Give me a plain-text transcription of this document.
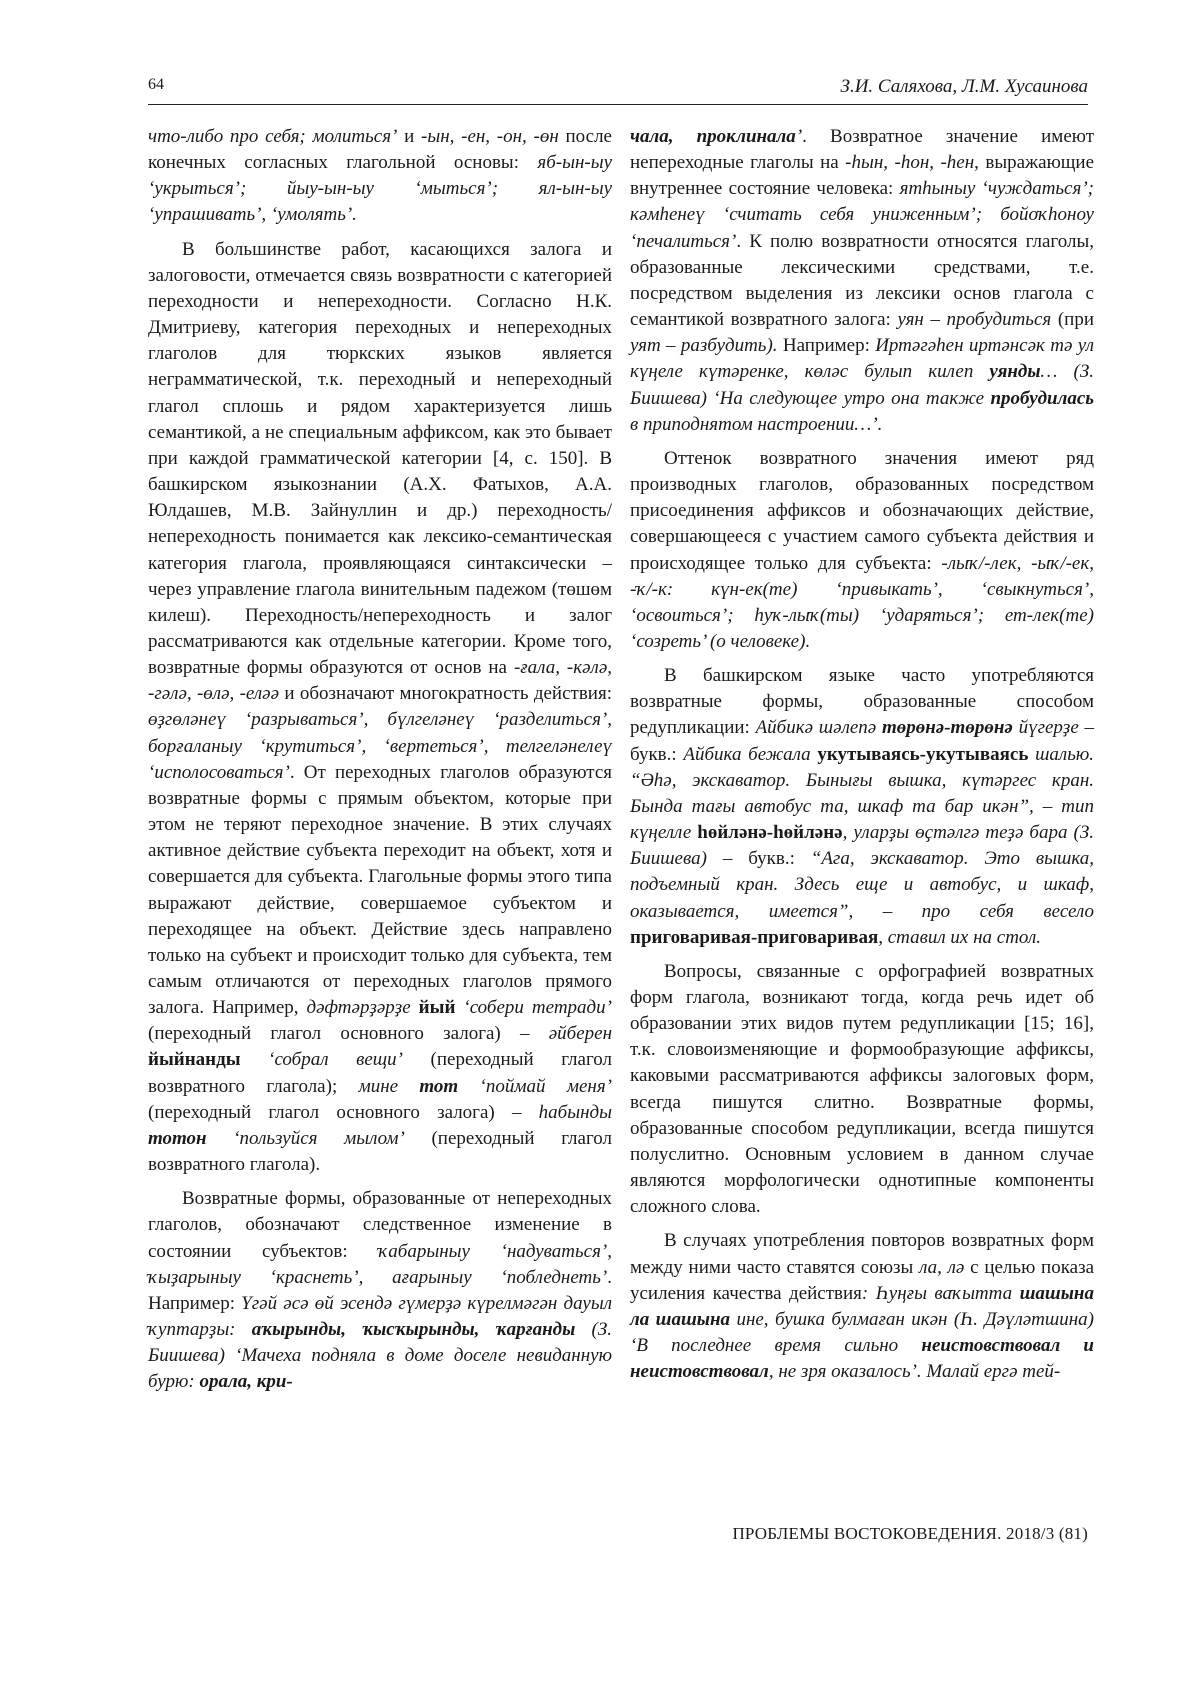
64	З.И. Саляхова, Л.М. Хусаинова

что-либо про себя; молиться’ и -ын, -ен, -он, -өн после конечных согласных глагольной основы: яб-ын-ыу ‘укрыться’; йыу-ын-ыу ‘мыться’; ял-ын-ыу ‘упрашивать’, ‘умолять’.

В большинстве работ, касающихся залога и залоговости, отмечается связь возвратности с категорией переходности и непереходности. Согласно Н.К. Дмитриеву, категория переходных и непереходных глаголов для тюркских языков является неграмматической, т.к. переходный и непереходный глагол сплошь и рядом характеризуется лишь семантикой, а не специальным аффиксом, как это бывает при каждой грамматической категории [4, с. 150]. В башкирском языкознании (А.Х. Фатыхов, А.А. Юлдашев, М.В. Зайнуллин и др.) переходность/непереходность понимается как лексико-семантическая категория глагола, проявляющаяся синтаксически – через управление глагола винительным падежом (төшөм килеш). Переходность/непереходность и залог рассматриваются как отдельные категории. Кроме того, возвратные формы образуются от основ на -ғала, -кәлә, -гәлә, -өлә, -еләә и обозначают многократность действия: өҙгөләнеү ‘разрываться’, бүлгеләнеү ‘разделиться’, борғаланыу ‘крутиться’, ‘вертеться’, телгеләнелеү ‘исполосоваться’. От переходных глаголов образуются возвратные формы с прямым объектом, которые при этом не теряют переходное значение. В этих случаях активное действие субъекта переходит на объект, хотя и совершается для субъекта. Глагольные формы этого типа выражают действие, совершаемое субъектом и переходящее на объект. Действие здесь направлено только на субъект и происходит только для субъекта, тем самым отличаются от переходных глаголов прямого залога. Например, дәфтәрҙәрҙе йый ‘собери тетради’ (переходный глагол основного залога) – әйберен йыйнанды ‘собрал вещи’ (переходный глагол возвратного глагола); мине тот ‘поймай меня’ (переходный глагол основного залога) – һабынды тотон ‘пользуйся мылом’ (переходный глагол возвратного глагола).

Возвратные формы, образованные от непереходных глаголов, обозначают следственное изменение в состоянии субъектов: ҡабарыныу ‘надуваться’, ҡыҙарыныу ‘краснеть’, ағарыныу ‘побледнеть’. Например: Үгәй әсә өй эсендә гүмерҙә күрелмәгән дауыл ҡуптарҙы: аҡырынды, ҡысҡырынды, ҡарғанды (З. Биишева) ‘Мачеха подняла в доме доселе невиданную бурю: орала, кри-

чала, проклинала’. Возвратное значение имеют непереходные глаголы на -һын, -һон, -һен, выражающие внутреннее состояние человека: ятһыныу ‘чуждаться’; кәмһенеү ‘считать себя униженным’; бойоҡһоноу ‘печалиться’. К полю возвратности относятся глаголы, образованные лексическими средствами, т.е. посредством выделения из лексики основ глагола с семантикой возвратного залога: уян – пробудиться (при уят – разбудить). Например: Иртәгәһен иртәнсәк тә ул күңеле күтәренке, көләс булып килеп уянды… (З. Биишева) ‘На следующее утро она также пробудилась в приподнятом настроении…’.

Оттенок возвратного значения имеют ряд производных глаголов, образованных посредством присоединения аффиксов и обозначающих действие, совершающееся с участием самого субъекта действия и происходящее только для субъекта: -лыҡ/-лек, -ыҡ/-ек, -ҡ/-к: күн-ек(те) ‘привыкать’, ‘свыкнуться’, ‘освоиться’; һуҡ-лыҡ(ты) ‘ударяться’; ет-лек(те) ‘созреть’ (о человеке).

В башкирском языке часто употребляются возвратные формы, образованные способом редупликации: Айбикә шәлenә төрөнә-төрөнә йүгерҙе – букв.: Айбика бежала укутываясь-укутываясь шалью. “Әһә, экскаватор. Бынығы вышка, күтәргес кран. Бында тағы автобус та, шкаф та бар икән”, – тип күңелле һөйләнә-һөйләнә, уларҙы өҫтәлгә теҙә бара (З. Биишева) – букв.: “Ага, экскаватор. Это вышка, подъемный кран. Здесь еще и автобус, и шкаф, оказывается, имеется”, – про себя весело приговаривая-приговаривая, ставил их на стол.

Вопросы, связанные с орфографией возвратных форм глагола, возникают тогда, когда речь идет об образовании этих видов путем редупликации [15; 16], т.к. словоизменяющие и формообразующие аффиксы, каковыми рассматриваются аффиксы залоговых форм, всегда пишутся слитно. Возвратные формы, образованные способом редупликации, всегда пишутся полуслитно. Основным условием в данном случае являются морфологически однотипные компоненты сложного слова.

В случаях употребления повторов возвратных форм между ними часто ставятся союзы ла, лә с целью показа усиления качества действия: Һуңғы ваҡытта шашына ла шашына ине, бушка булмаған икән (Һ. Дәүләтшина) ‘В последнее время сильно неистовствовал и неистовствовал, не зря оказалось’. Малай ергә тей-

ПРОБЛЕМЫ ВОСТОКОВЕДЕНИЯ. 2018/3 (81)
